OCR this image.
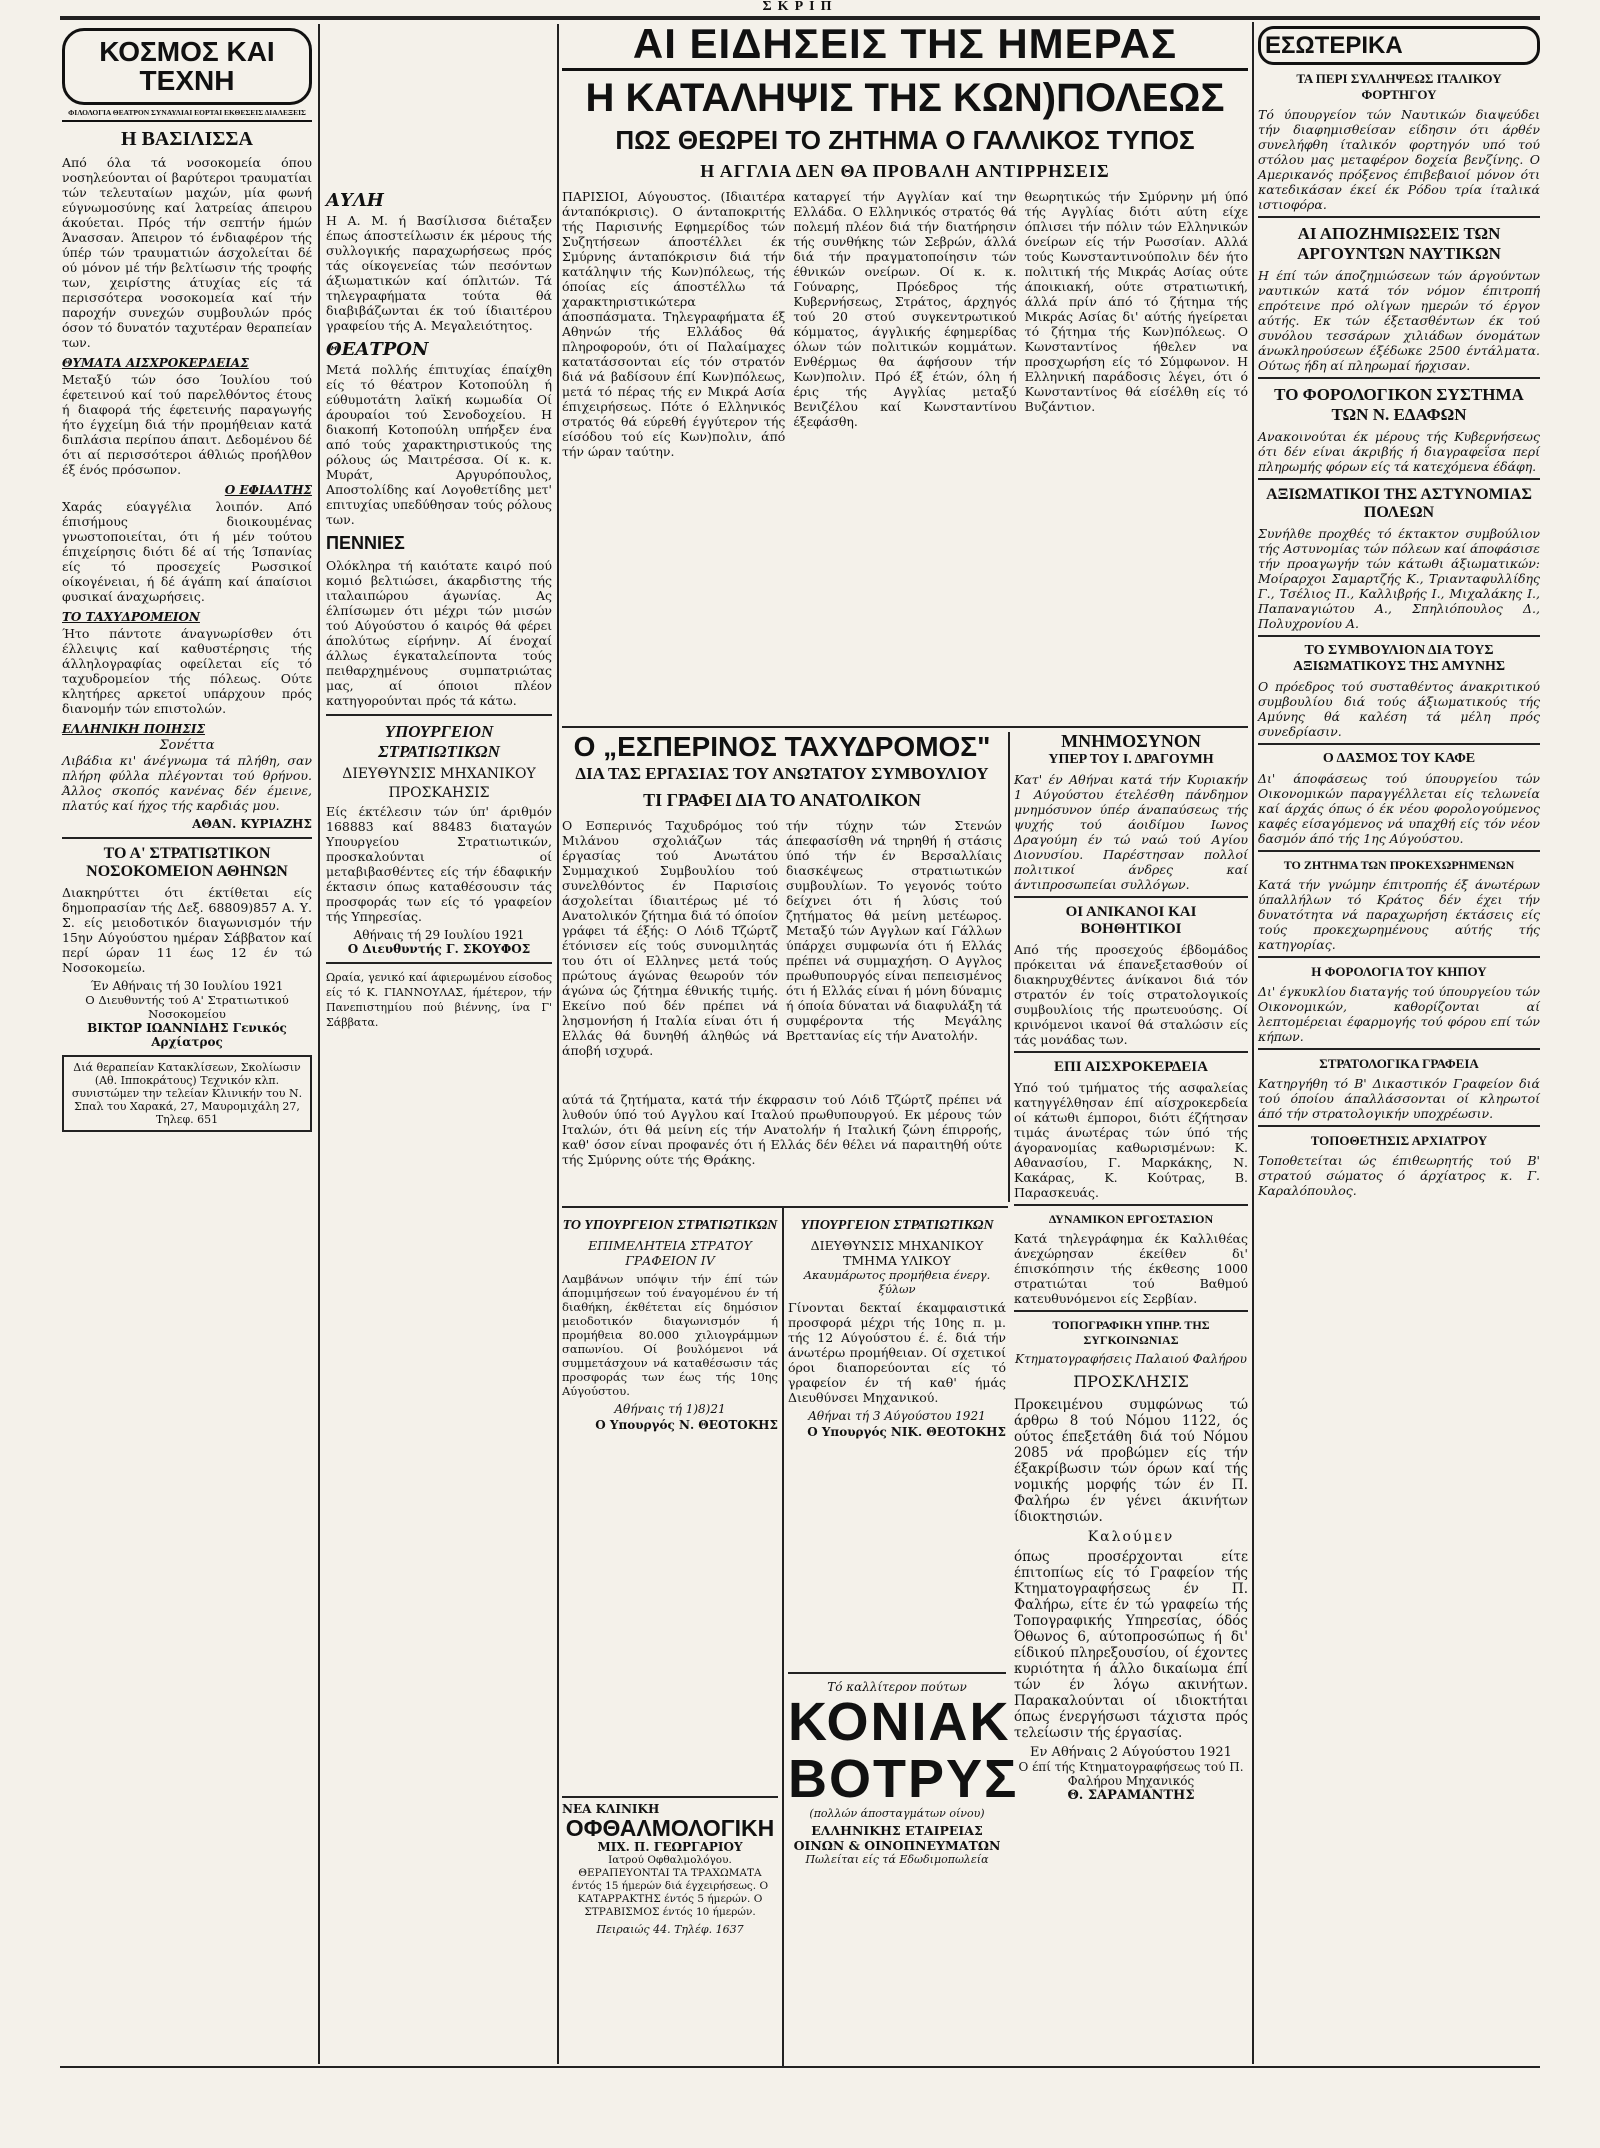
ΣΚΡΙΠ
ΚΟΣΜΟΣ ΚΑΙ ΤΕΧΝΗ
ΦΙΛΟΛΟΓΙΑ ΘΕΑΤΡΟΝ ΣΥΝΑΥΛΙΑΙ ΕΟΡΤΑΙ ΕΚΘΕΣΕΙΣ ΔΙΑΛΕΞΕΙΣ
Η ΒΑΣΙΛΙΣΣΑ
Από όλα τά νοσοκομεία όπου νοσηλεύονται οί βαρύτεροι τραυματίαι τών τελευταίων μαχών, μία φωνή εύγνωμοσύνης καί λατρείας άπειρου άκούεται. Πρός τήν σεπτήν ήμών Άνασσαν. Άπειρον τό ένδιαφέρον τής ύπέρ τών τραυματιών άσχολείται δέ ού μόνον μέ τήν βελτίωσιν τής τροφής των, χειρίστης άτυχίας είς τά περισσότερα νοσοκομεία καί τήν παροχήν συνεχών συμβουλών πρός όσον τό δυνατόν ταχυτέραν θεραπείαν των.
ΘΥΜΑΤΑ ΑΙΣΧΡΟΚΕΡΔΕΙΑΣ
Μεταξύ τών όσο Ίουλίου τού έφετεινού καί τού παρελθόντος έτους ή διαφορά τής έφετεινής παραγωγής ήτο έγχείμη διά τήν προμήθειαν κατά διπλάσια περίπου άπαιτ. Δεδομένου δέ ότι αί περισσότεροι άθλιώς προήλθον έξ ένός πρόσωπον.
Ο ΕΦΙΑΛΤΗΣ
Χαράς εύαγγέλια λοιπόν. Από έπισήμους διοικουμένας γνωστοποιείται, ότι ή μέν τούτου έπιχείρησις διότι δέ αί τής Ίσπανίας είς τό προσεχείς Ρωσσικοί οίκογένειαι, ή δέ άγάπη καί άπαίσιοι φυσικαί άναχωρήσεις.
ΤΟ ΤΑΧΥΔΡΟΜΕΙΟΝ
Ήτο πάντοτε άναγνωρίσθεν ότι έλλειψις καί καθυστέρησις τής άλληλογραφίας οφείλεται είς τό ταχυδρομείον τής πόλεως. Ούτε κλητήρες αρκετοί υπάρχουν πρός διανομήν τών επιστολών.
ΕΛΛΗΝΙΚΗ ΠΟΙΗΣΙΣ
Σονέττα
Λιβάδια κι' άνέγνωμα τά πλήθη, σαν πλήρη φύλλα πλέγονται τού θρήνου. Άλλος σκοπός κανένας δέν έμεινε, πλατύς καί ήχος τής καρδιάς μου.
ΑΘΑΝ. ΚΥΡΙΑΖΗΣ
ΤΟ Α' ΣΤΡΑΤΙΩΤΙΚΟΝ ΝΟΣΟΚΟΜΕΙΟΝ ΑΘΗΝΩΝ
Διακηρύττει ότι έκτίθεται είς δημοπρασίαν τής Δεξ. 68809)857 Α. Υ. Σ. είς μειοδοτικόν διαγωνισμόν τήν 15ην Αύγούστου ημέραν Σάββατον καί περί ώραν 11 έως 12 έν τώ Νοσοκομείω.
Έν Αθήναις τή 30 Ιουλίου 1921
Ο Διευθυντής τού Α' Στρατιωτικού Νοσοκομείου
ΒΙΚΤΩΡ ΙΩΑΝΝΙΔΗΣ Γενικός Αρχίατρος
Διά θεραπείαν Κατακλίσεων, Σκολίωσιν (Αθ. Ιπποκράτους) Τεχνικόν κλπ. συνιστώμεν την τελείαν Κλινικήν του Ν. Σπαλ του Χαρακά, 27, Μαυρομιχάλη 27, Τηλεφ. 651
ΑΥΛΗ
Η Α. Μ. ή Βασίλισσα διέταξεν έπως άποστείλωσιν έκ μέρους τής συλλογικής παραχωρήσεως πρός τάς οίκογενείας τών πεσόντων άξιωματικών καί όπλιτών. Τά τηλεγραφήματα τούτα θά διαβιβάζωνται έκ τού ίδιαιτέρου γραφείου τής Α. Μεγαλειότητος.
ΘΕΑΤΡΟΝ
Μετά πολλής έπιτυχίας έπαίχθη είς τό θέατρον Κοτοπούλη ή εύθυμοτάτη λαϊκή κωμωδία Οί άρουραίοι τού Σενοδοχείου. Η διακοπή Κοτοπούλη υπήρξεν ένα από τούς χαρακτηριστικούς της ρόλους ώς Μαιτρέσσα. Οί κ. κ. Μυράτ, Αργυρόπουλος, Αποστολίδης καί Λογοθετίδης μετ' επιτυχίας υπεδύθησαν τούς ρόλους των.
ΠΕΝΝΙΕΣ
Ολόκληρα τή καιότατε καιρό πού κομιό βελτιώσει, άκαρδιστης τής ιταλαιπώρου άγωνίας. Ας έλπίσωμεν ότι μέχρι τών μισών τού Αύγούστου ό καιρός θά φέρει άπολύτως είρήνην. Αί ένοχαί άλλως έγκαταλείποντα τούς πειθαρχημένους συμπατριώτας μας, αί όποιοι πλέον κατηγορούνται πρός τά κάτω.
ΥΠΟΥΡΓΕΙΟΝ ΣΤΡΑΤΙΩΤΙΚΩΝ
ΔΙΕΥΘΥΝΣΙΣ ΜΗΧΑΝΙΚΟΥ
ΠΡΟΣΚΑΗΣΙΣ
Είς έκτέλεσιν τών ύπ' άριθμόν 168883 καί 88483 διαταγών Υπουργείου Στρατιωτικών, προσκαλούνται οί μεταβιβασθέντες είς τήν έδαφικήν έκτασιν όπως καταθέσουσιν τάς προσφοράς των είς τό γραφείον τής Υπηρεσίας.
Αθήναις τή 29 Ιουλίου 1921
Ο Διευθυντής Γ. ΣΚΟΥΦΟΣ
Ωραία, γενικό καί άφιερωμένου είσοδος είς τό Κ. ΓΙΑΝΝΟΥΛΑΣ, ήμέτερον, τήν Πανεπιστημίου πού βιέννης, ίνα Γ' Σάββατα.
ΑΙ ΕΙΔΗΣΕΙΣ ΤΗΣ ΗΜΕΡΑΣ
Η ΚΑΤΑΛΗΨΙΣ ΤΗΣ ΚΩΝ)ΠΟΛΕΩΣ
ΠΩΣ ΘΕΩΡΕΙ ΤΟ ΖΗΤΗΜΑ Ο ΓΑΛΛΙΚΟΣ ΤΥΠΟΣ
Η ΑΓΓΛΙΑ ΔΕΝ ΘΑ ΠΡΟΒΑΛΗ ΑΝΤΙΡΡΗΣΕΙΣ
ΠΑΡΙΣΙΟΙ, Αύγουστος. (Ιδιαιτέρα άνταπόκρισις). Ο άνταποκριτής τής Παρισινής Εφημερίδος τών Συζητήσεων άποστέλλει έκ Σμύρνης άνταπόκρισιν διά τήν κατάληψιν τής Κων)πόλεως, τής όποίας είς άποστέλλω τά χαρακτηριστικώτερα άποσπάσματα. Τηλεγραφήματα έξ Αθηνών τής Ελλάδος θά πληροφορούν, ότι οί Παλαίμαχες κατατάσσονται είς τόν στρατόν διά νά βαδίσουν έπί Κων)πόλεως, μετά τό πέρας τής εν Μικρά Ασία έπιχειρήσεως. Πότε ό Ελληνικός στρατός θά εύρεθή έγγύτερον τής είσόδου τού είς Κων)πολιν, άπό τήν ώραν ταύτην.
καταργεί τήν Αγγλίαν καί την Ελλάδα. Ο Ελληνικός στρατός θά πολεμή πλέον διά τήν διατήρησιν τής συνθήκης τών Σεβρών, άλλά διά τήν πραγματοποίησιν τών έθνικών ονείρων. Οί κ. κ. Γούναρης, Πρόεδρος τής Κυβερνήσεως, Στράτος, άρχηγός τού 20 στού συγκεντρωτικού κόμματος, άγγλικής έφημερίδας όλων τών πολιτικών κομμάτων. Ενθέρμως θα άφήσουν τήν Κων)πολιν. Πρό έξ έτών, όλη ή έρις τής Αγγλίας μεταξύ Βενιζέλου καί Κωνσταντίνου έξεφάσθη.
θεωρητικώς τήν Σμύρνην μή ύπό τής Αγγλίας διότι αύτη είχε όπλισει τήν πόλιν τών Ελληνικών όνείρων είς τήν Ρωσσίαν. Αλλά τούς Κωνσταντινούπολιν δέν ήτο πολιτική τής Μικράς Ασίας ούτε άποικιακή, ούτε στρατιωτική, άλλά πρίν άπό τό ζήτημα τής Μικράς Ασίας δι' αύτής ήγείρεται τό ζήτημα τής Κων)πόλεως. Ο Κωνσταντίνος ήθελεν να προσχωρήση είς τό Σύμφωνον. Η Ελληνική παράδοσις λέγει, ότι ό Κωνσταντίνος θά είσέλθη είς τό Βυζάντιον.
Ο „ΕΣΠΕΡΙΝΟΣ ΤΑΧΥΔΡΟΜΟΣ"
ΔΙΑ ΤΑΣ ΕΡΓΑΣΙΑΣ ΤΟΥ ΑΝΩΤΑΤΟΥ ΣΥΜΒΟΥΛΙΟΥ
ΤΙ ΓΡΑΦΕΙ ΔΙΑ ΤΟ ΑΝΑΤΟΛΙΚΟΝ
Ο Εσπερινός Ταχυδρόμος τού Μιλάνου σχολιάζων τάς έργασίας τού Ανωτάτου Συμμαχικού Συμβουλίου τού συνελθόντος έν Παρισίοις άσχολείται ίδιαιτέρως μέ τό Ανατολικόν ζήτημα διά τό όποίον γράφει τά έξής: Ο Λόιδ Τζώρτζ έτόνισεν είς τούς συνομιλητάς του ότι οί Ελληνες μετά τούς πρώτους άγώνας θεωρούν τόν άγώνα ώς ζήτημα έθνικής τιμής. Εκείνο πού δέν πρέπει νά λησμονήση ή Ιταλία είναι ότι ή Ελλάς θά δυνηθή άληθώς νά άποβή ισχυρά.
τήν τύχην τών Στενών άπεφασίσθη νά τηρηθή ή στάσις ύπό τήν έν Βερσαλλίαις διασκέψεως στρατιωτικών συμβουλίων. Το γεγονός τούτο δείχνει ότι ή λύσις τού ζητήματος θά μείνη μετέωρος. Μεταξύ τών Αγγλων καί Γάλλων ύπάρχει συμφωνία ότι ή Ελλάς πρέπει νά συμμαχήση. Ο Αγγλος πρωθυπουργός είναι πεπεισμένος ότι ή Ελλάς είναι ή μόνη δύναμις ή όποία δύναται νά διαφυλάξη τά συμφέροντα τής Μεγάλης Βρεττανίας είς τήν Ανατολήν.
αύτά τά ζητήματα, κατά τήν έκφρασιν τού Λόιδ Τζώρτζ πρέπει νά λυθούν ύπό τού Αγγλου καί Ιταλού πρωθυπουργού. Εκ μέρους τών Ιταλών, ότι θά μείνη είς τήν Ανατολήν ή Ιταλική ζώνη έπιρροής, καθ' όσον είναι προφανές ότι ή Ελλάς δέν θέλει νά παραιτηθή ούτε τής Σμύρνης ούτε τής Θράκης.
ΜΝΗΜΟΣΥΝΟΝ
ΥΠΕΡ ΤΟΥ Ι. ΔΡΑΓΟΥΜΗ
Κατ' έν Αθήναι κατά τήν Κυριακήν 1 Αύγούστου έτελέσθη πάνδημον μνημόσυνον ύπέρ άναπαύσεως τής ψυχής τού άοιδίμου Ιωνος Δραγούμη έν τώ ναώ τού Αγίου Διονυσίου. Παρέστησαν πολλοί πολιτικοί άνδρες καί άντιπροσωπείαι συλλόγων.
ΟΙ ΑΝΙΚΑΝΟΙ ΚΑΙ ΒΟΗΘΗΤΙΚΟΙ
Από τής προσεχούς έβδομάδος πρόκειται νά έπανεξετασθούν οί διακηρυχθέντες άνίκανοι διά τόν στρατόν έν τοίς στρατολογικοίς συμβουλίοις τής πρωτευούσης. Οί κρινόμενοι ικανοί θά σταλώσιν είς τάς μονάδας των.
ΕΠΙ ΑΙΣΧΡΟΚΕΡΔΕΙΑ
Υπό τού τμήματος τής ασφαλείας κατηγγέλθησαν έπί αίσχροκερδεία οί κάτωθι έμποροι, διότι έζήτησαν τιμάς άνωτέρας τών ύπό τής άγορανομίας καθωρισμένων: Κ. Αθανασίου, Γ. Μαρκάκης, Ν. Κακάρας, Κ. Κούτρας, Β. Παρασκευάς.
ΔΥΝΑΜΙΚΟΝ ΕΡΓΟΣΤΑΣΙΟΝ
Κατά τηλεγράφημα έκ Καλλιθέας άνεχώρησαν έκείθεν δι' έπισκόπησιν τής έκθεσης 1000 στρατιώται τού Βαθμού κατευθυνόμενοι είς Σερβίαν.
ΤΟΠΟΓΡΑΦΙΚΗ ΥΠΗΡ. ΤΗΣ ΣΥΓΚΟΙΝΩΝΙΑΣ
Κτηματογραφήσεις Παλαιού Φαλήρου
ΠΡΟΣΚΛΗΣΙΣ
Προκειμένου συμφώνως τώ άρθρω 8 τού Νόμου 1122, ός ούτος έπεξετάθη διά τού Νόμου 2085 νά προβώμεν είς τήν έξακρίβωσιν τών όρων καί τής νομικής μορφής τών έν Π. Φαλήρω έν γένει άκινήτων ίδιοκτησιών.
Καλούμεν
όπως προσέρχονται είτε έπιτοπίως είς τό Γραφείον τής Κτηματογραφήσεως έν Π. Φαλήρω, είτε έν τώ γραφείω τής Τοπογραφικής Υπηρεσίας, όδός Όθωνος 6, αύτοπροσώπως ή δι' είδικού πληρεξουσίου, οί έχοντες κυριότητα ή άλλο δικαίωμα έπί τών έν λόγω ακινήτων. Παρακαλούνται οί ιδιοκτήται όπως ένεργήσωσι τάχιστα πρός τελείωσιν τής έργασίας.
Εν Αθήναις 2 Αύγούστου 1921
Ο έπί τής Κτηματογραφήσεως τού Π. Φαλήρου Μηχανικός
Θ. ΣΑΡΑΜΑΝΤΗΣ
ΤΟ ΥΠΟΥΡΓΕΙΟΝ ΣΤΡΑΤΙΩΤΙΚΩΝ
ΕΠΙΜΕΛΗΤΕΙΑ ΣΤΡΑΤΟΥ
ΓΡΑΦΕΙΟΝ ΙV
Λαμβάνων υπόψιν τήν έπί τών άπομιμήσεων τού έναγομένου έν τή διαθήκη, έκθέτεται είς δημόσιον μειοδοτικόν διαγωνισμόν ή προμήθεια 80.000 χιλιογράμμων σαπωνίου. Οί βουλόμενοι νά συμμετάσχουν νά καταθέσωσιν τάς προσφοράς των έως τής 10ης Αύγούστου.
Αθήναις τή 1)8)21
Ο Υπουργός Ν. ΘΕΟΤΟΚΗΣ
ΥΠΟΥΡΓΕΙΟΝ ΣΤΡΑΤΙΩΤΙΚΩΝ
ΔΙΕΥΘΥΝΣΙΣ ΜΗΧΑΝΙΚΟΥ
ΤΜΗΜΑ ΥΛΙΚΟΥ
Ακαυμάρωτος προμήθεια ένεργ. ξύλων
Γίνονται δεκταί έκαμφαιστικά προσφορά μέχρι τής 10ης π. μ. τής 12 Αύγούστου έ. έ. διά τήν άνωτέρω προμήθειαν. Οί σχετικοί όροι διαπορεύονται είς τό γραφείον έν τή καθ' ήμάς Διευθύνσει Μηχανικού.
Αθήναι τή 3 Αύγούστου 1921
Ο Υπουργός ΝΙΚ. ΘΕΟΤΟΚΗΣ
Τό καλλίτερον πούτων
ΚΟΝΙΑΚ
ΒΟΤΡΥΣ
(πολλών άποσταγμάτων οίνου)
ΕΛΛΗΝΙΚΗΣ ΕΤΑΙΡΕΙΑΣ ΟΙΝΩΝ & ΟΙΝΟΠΝΕΥΜΑΤΩΝ
Πωλείται είς τά Εδωδιμοπωλεία
ΝΕΑ ΚΛΙΝΙΚΗ
ΟΦΘΑΛΜΟΛΟΓΙΚΗ
ΜΙΧ. Π. ΓΕΩΡΓΑΡΙΟΥ
Ιατρού Οφθαλμολόγου. ΘΕΡΑΠΕΥΟΝΤΑΙ ΤΑ ΤΡΑΧΩΜΑΤΑ έντός 15 ήμερών διά έγχειρήσεως. Ο ΚΑΤΑΡΡΑΚΤΗΣ έντός 5 ήμερών. Ο ΣΤΡΑΒΙΣΜΟΣ έντός 10 ήμερών.
Πειραιώς 44. Τηλέφ. 1637
ΕΣΩΤΕΡΙΚΑ
ΤΑ ΠΕΡΙ ΣΥΛΛΗΨΕΩΣ ΙΤΑΛΙΚΟΥ ΦΟΡΤΗΓΟΥ
Τό ύπουργείον τών Ναυτικών διαψεύδει τήν διαφημισθείσαν είδησιν ότι άρθέν συνελήφθη ίταλικόν φορτηγόν υπό τού στόλου μας μεταφέρον δοχεία βενζίνης. Ο Αμερικανός πρόξενος έπιβεβαιοί μόνον ότι κατεδικάσαν έκεί έκ Ρόδου τρία ίταλικά ιστιοφόρα.
ΑΙ ΑΠΟΖΗΜΙΩΣΕΙΣ ΤΩΝ ΑΡΓΟΥΝΤΩΝ ΝΑΥΤΙΚΩΝ
Η έπί τών άποζημιώσεων τών άργούντων ναυτικών κατά τόν νόμον έπιτροπή επρότεινε πρό ολίγων ημερών τό έργον αύτής. Εκ τών έξετασθέντων έκ τού συνόλου τεσσάρων χιλιάδων όνομάτων άνωκληρούσεων έξέδωκε 2500 έντάλματα. Ούτως ήδη αί πληρωμαί ήρχισαν.
ΤΟ ΦΟΡΟΛΟΓΙΚΟΝ ΣΥΣΤΗΜΑ ΤΩΝ Ν. ΕΔΑΦΩΝ
Ανακοινούται έκ μέρους τής Κυβερνήσεως ότι δέν είναι άκριβής ή διαγραφεΐσα περί πληρωμής φόρων είς τά κατεχόμενα έδάφη.
ΑΞΙΩΜΑΤΙΚΟΙ ΤΗΣ ΑΣΤΥΝΟΜΙΑΣ ΠΟΛΕΩΝ
Συνήλθε προχθές τό έκτακτον συμβούλιον τής Αστυνομίας τών πόλεων καί άποφάσισε τήν προαγωγήν τών κάτωθι άξιωματικών: Μοίραρχοι Σαμαρτζής Κ., Τριανταφυλλίδης Γ., Τσέλιος Π., Καλλιβρής Ι., Μιχαλάκης Ι., Παπαναγιώτου Α., Σπηλιόπουλος Δ., Πολυχρονίου Α.
ΤΟ ΣΥΜΒΟΥΛΙΟΝ ΔΙΑ ΤΟΥΣ ΑΞΙΩΜΑΤΙΚΟΥΣ ΤΗΣ ΑΜΥΝΗΣ
Ο πρόεδρος τού συσταθέντος άνακριτικού συμβουλίου διά τούς άξιωματικούς τής Αμύνης θά καλέση τά μέλη πρός συνεδρίασιν.
Ο ΔΑΣΜΟΣ ΤΟΥ ΚΑΦΕ
Δι' άποφάσεως τού ύπουργείου τών Οικονομικών παραγγέλλεται είς τελωνεία καί άρχάς όπως ό έκ νέου φορολογούμενος καφές είσαγόμενος νά υπαχθή είς τόν νέον δασμόν άπό τής 1ης Αύγούστου.
ΤΟ ΖΗΤΗΜΑ ΤΩΝ ΠΡΟΚΕΧΩΡΗΜΕΝΩΝ
Κατά τήν γνώμην έπιτροπής έξ άνωτέρων ύπαλλήλων τό Κράτος δέν έχει τήν δυνατότητα νά παραχωρήση έκτάσεις είς τούς προκεχωρημένους αύτής τής κατηγορίας.
Η ΦΟΡΟΛΟΓΙΑ ΤΟΥ ΚΗΠΟΥ
Δι' έγκυκλίου διαταγής τού ύπουργείου τών Οικονομικών, καθορίζονται αί λεπτομέρειαι έφαρμογής τού φόρου επί τών κήπων.
ΣΤΡΑΤΟΛΟΓΙΚΑ ΓΡΑΦΕΙΑ
Κατηργήθη τό Β' Δικαστικόν Γραφείον διά τού όποίου άπαλλάσσονται οί κληρωτοί άπό τήν στρατολογικήν υποχρέωσιν.
ΤΟΠΟΘΕΤΗΣΙΣ ΑΡΧΙΑΤΡΟΥ
Τοποθετείται ώς έπιθεωρητής τού Β' στρατού σώματος ό άρχίατρος κ. Γ. Καραλόπουλος.
